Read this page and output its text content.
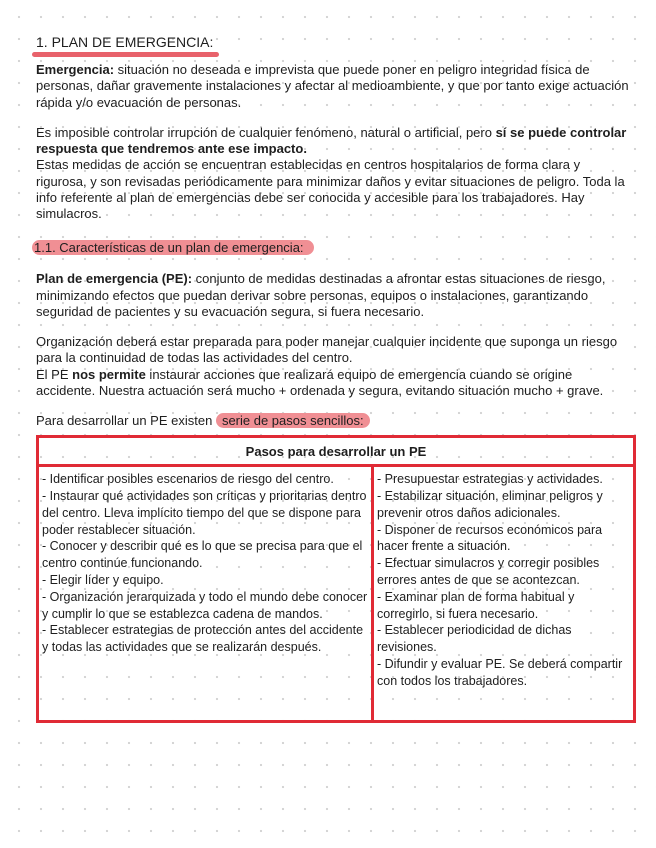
1. PLAN DE EMERGENCIA:

Emergencia: situación no deseada e imprevista que puede poner en peligro integridad física de personas, dañar gravemente instalaciones y afectar al medioambiente, y que por tanto exige actuación rápida y/o evacuación de personas.

Es imposible controlar irrupción de cualquier fenómeno, natural o artificial, pero sí se puede controlar respuesta que tendremos ante ese impacto.
Estas medidas de acción se encuentran establecidas en centros hospitalarios de forma clara y rigurosa, y son revisadas periódicamente para minimizar daños y evitar situaciones de peligro. Toda la info referente al plan de emergencias debe ser conocida y accesible para los trabajadores. Hay simulacros.

1.1. Características de un plan de emergencia:

Plan de emergencia (PE): conjunto de medidas destinadas a afrontar estas situaciones de riesgo, minimizando efectos que puedan derivar sobre personas, equipos o instalaciones, garantizando seguridad de pacientes y su evacuación segura, si fuera necesario.

Organización deberá estar preparada para poder manejar cualquier incidente que suponga un riesgo para la continuidad de todas las actividades del centro.
El PE nos permite instaurar acciones que realizará equipo de emergencia cuando se origine accidente. Nuestra actuación será mucho + ordenada y segura, evitando situación mucho + grave.

Para desarrollar un PE existen serie de pasos sencillos:

Pasos para desarrollar un PE
- Identificar posibles escenarios de riesgo del centro.
- Instaurar qué actividades son críticas y prioritarias dentro del centro. Lleva implícito tiempo del que se dispone para poder restablecer situación.
- Conocer y describir qué es lo que se precisa para que el centro continúe funcionando.
- Elegir líder y equipo.
- Organización jerarquizada y todo el mundo debe conocer y cumplir lo que se establezca cadena de mandos.
- Establecer estrategias de protección antes del accidente y todas las actividades que se realizarán después.
- Presupuestar estrategias y actividades.
- Estabilizar situación, eliminar peligros y prevenir otros daños adicionales.
- Disponer de recursos económicos para hacer frente a situación.
- Efectuar simulacros y corregir posibles errores antes de que se acontezcan.
- Examinar plan de forma habitual y corregirlo, si fuera necesario.
- Establecer periodicidad de dichas revisiones.
- Difundir y evaluar PE. Se deberá compartir con todos los trabajadores.
